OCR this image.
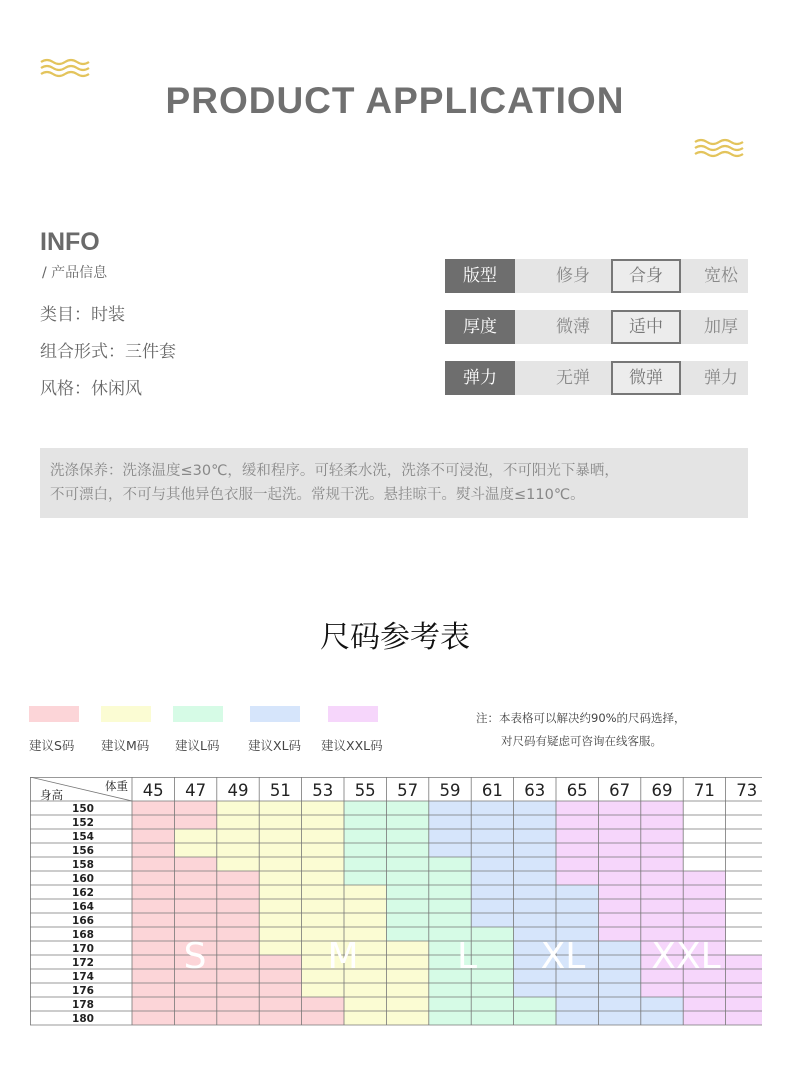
PRODUCT APPLICATION
INFO
/ 产品信息
类目：时装
组合形式：三件套
风格：休闲风
版型	修身	合身	宽松
厚度	微薄	适中	加厚
弹力	无弹	微弹	弹力
洗涤保养：洗涤温度≤30℃，缓和程序。可轻柔水洗，洗涤不可浸泡，不可阳光下暴晒，
不可漂白，不可与其他异色衣服一起洗。常规干洗。悬挂晾干。熨斗温度≤110℃。
尺码参考表
建议S码 建议M码 建议L码 建议XL码 建议XXL码
注：本表格可以解决约90%的尺码选择，
对尺码有疑虑可咨询在线客服。
体重
身高	45 47 49 51 53 55 57 59 61 63 65 67 69 71 73
150
152
154
156
158
160
162
164
166
168
170
172
174
176
178
180
S	M	L XL XXL
